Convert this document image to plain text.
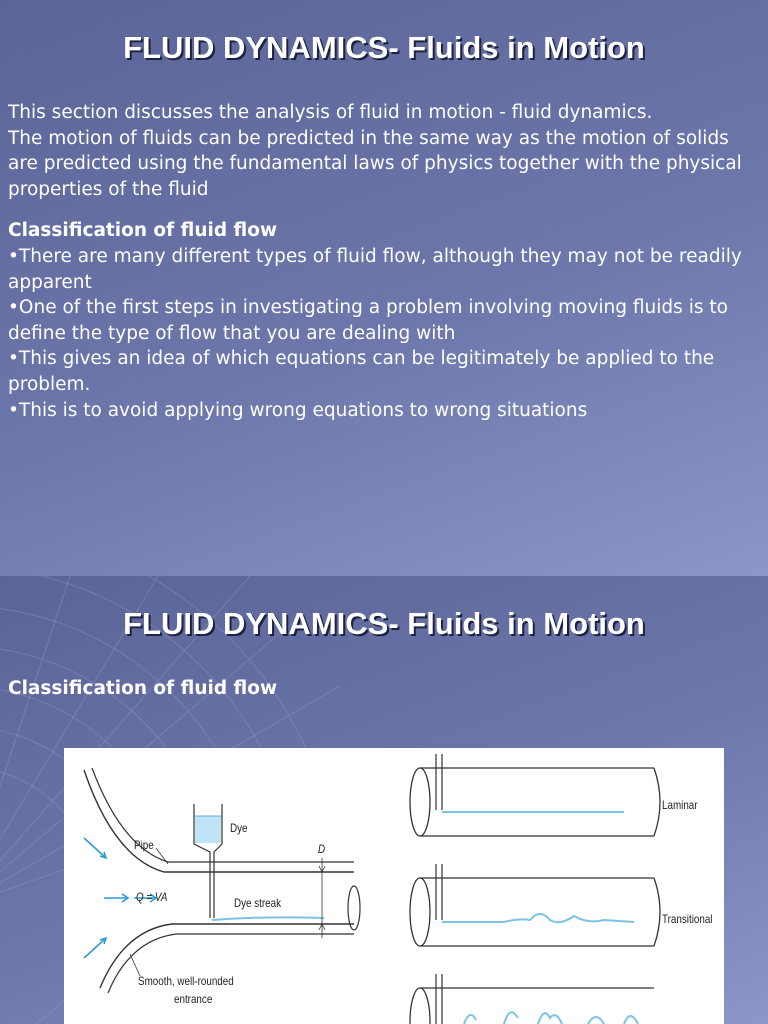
FLUID DYNAMICS- Fluids in Motion

This section discusses the analysis of fluid in motion - fluid dynamics.

The motion of fluids can be predicted in the same way as the motion of solids are predicted using the fundamental laws of physics together with the physical properties of the fluid

Classification of fluid flow

•There are many different types of fluid flow, although they may not be readily apparent

•One of the first steps in investigating a problem involving moving fluids is to define the type of flow that you are dealing with

•This gives an idea of which equations can be legitimately be applied to the problem.

•This is to avoid applying wrong equations to wrong situations

FLUID DYNAMICS- Fluids in Motion

Classification of fluid flow

Dye
Pipe	D
Q = VA	Dye streak
Smooth, well-rounded
entrance
Laminar
Transitional
